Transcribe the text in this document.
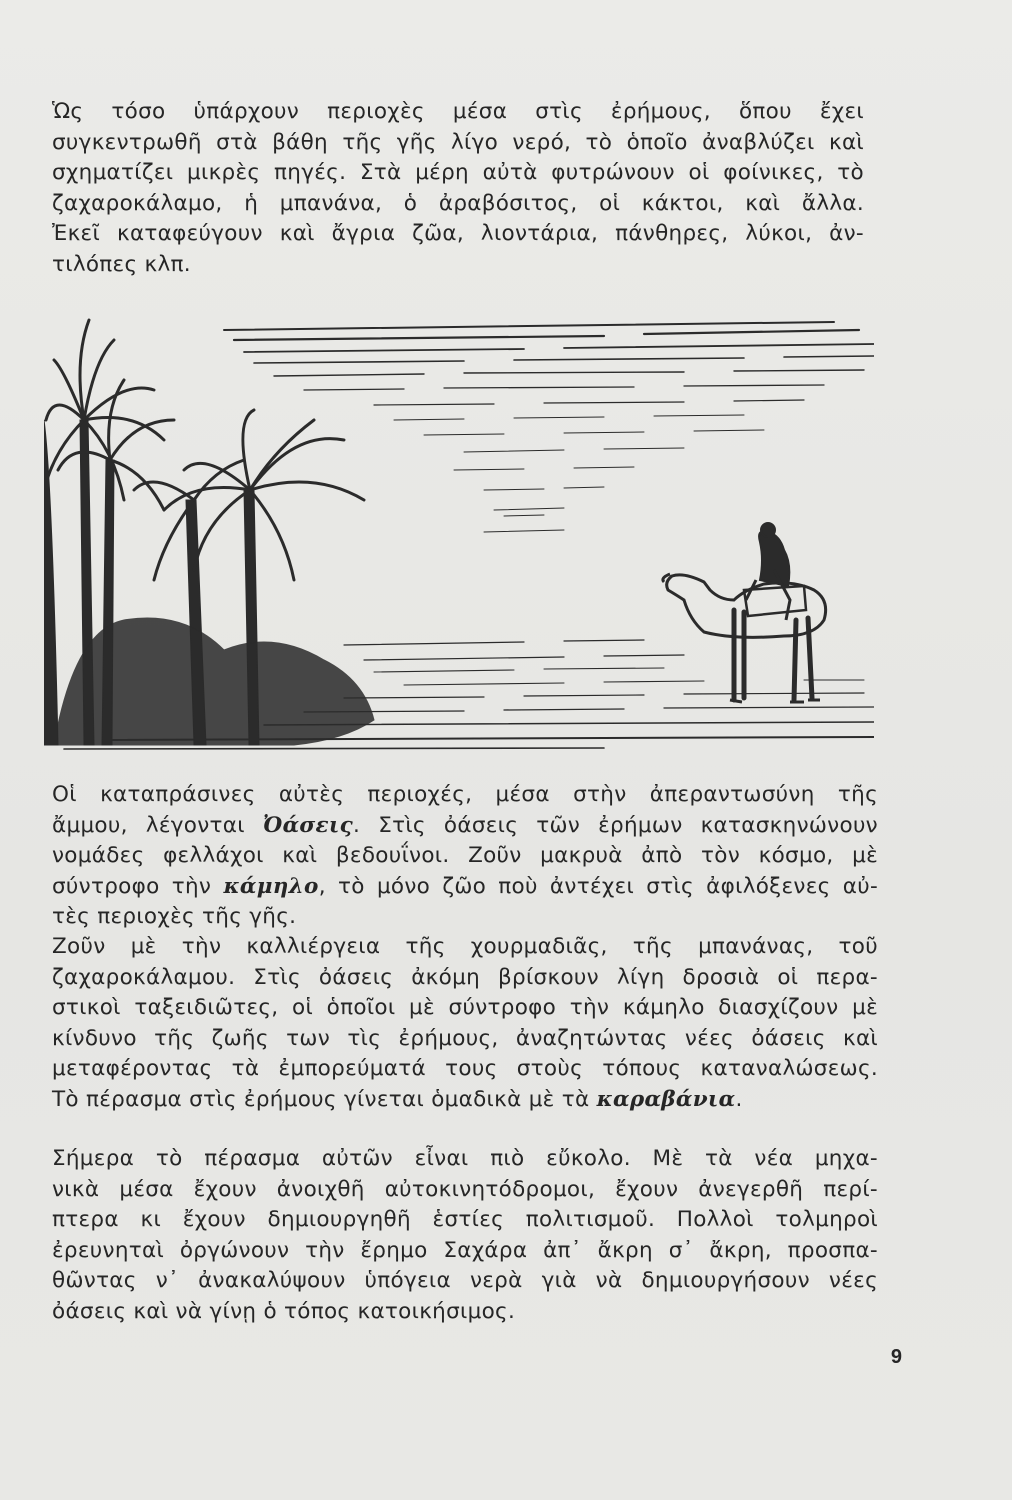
Ὡς τόσο ὑπάρχουν περιοχὲς μέσα στὶς ἐρήμους, ὅπου ἔχει
συγκεντρωθῆ στὰ βάθη τῆς γῆς λίγο νερό, τὸ ὁποῖο ἀναβλύζει καὶ
σχηματίζει μικρὲς πηγές. Στὰ μέρη αὐτὰ φυτρώνουν οἱ φοίνικες, τὸ
ζαχαροκάλαμο, ἡ μπανάνα, ὁ ἀραβόσιτος, οἱ κάκτοι, καὶ ἄλλα.
Ἐκεῖ καταφεύγουν καὶ ἄγρια ζῶα, λιοντάρια, πάνθηρες, λύκοι, ἀν-
τιλόπες κλπ.
Οἱ καταπράσινες αὐτὲς περιοχές, μέσα στὴν ἀπεραντωσύνη τῆς
ἄμμου, λέγονται Ὀάσεις. Στὶς ὀάσεις τῶν ἐρήμων κατασκηνώνουν
νομάδες φελλάχοι καὶ βεδουΐνοι. Ζοῦν μακρυὰ ἀπὸ τὸν κόσμο, μὲ
σύντροφο τὴν κάμηλο, τὸ μόνο ζῶο ποὺ ἀντέχει στὶς ἀφιλόξενες αὐ-
τὲς περιοχὲς τῆς γῆς.
Ζοῦν μὲ τὴν καλλιέργεια τῆς χουρμαδιᾶς, τῆς μπανάνας, τοῦ
ζαχαροκάλαμου. Στὶς ὀάσεις ἀκόμη βρίσκουν λίγη δροσιὰ οἱ περα-
στικοὶ ταξειδιῶτες, οἱ ὁποῖοι μὲ σύντροφο τὴν κάμηλο διασχίζουν μὲ
κίνδυνο τῆς ζωῆς των τὶς ἐρήμους, ἀναζητώντας νέες ὀάσεις καὶ
μεταφέροντας τὰ ἐμπορεύματά τους στοὺς τόπους καταναλώσεως.
Τὸ πέρασμα στὶς ἐρήμους γίνεται ὁμαδικὰ μὲ τὰ καραβάνια.
Σήμερα τὸ πέρασμα αὐτῶν εἶναι πιὸ εὔκολο. Μὲ τὰ νέα μηχα-
νικὰ μέσα ἔχουν ἀνοιχθῆ αὐτοκινητόδρομοι, ἔχουν ἀνεγερθῆ περί-
πτερα κι ἔχουν δημιουργηθῆ ἑστίες πολιτισμοῦ. Πολλοὶ τολμηροὶ
ἐρευνηταὶ ὀργώνουν τὴν ἔρημο Σαχάρα ἀπ᾿ ἄκρη σ᾿ ἄκρη, προσπα-
θῶντας ν᾿ ἀνακαλύψουν ὑπόγεια νερὰ γιὰ νὰ δημιουργήσουν νέες
ὀάσεις καὶ νὰ γίνῃ ὁ τόπος κατοικήσιμος.
9
